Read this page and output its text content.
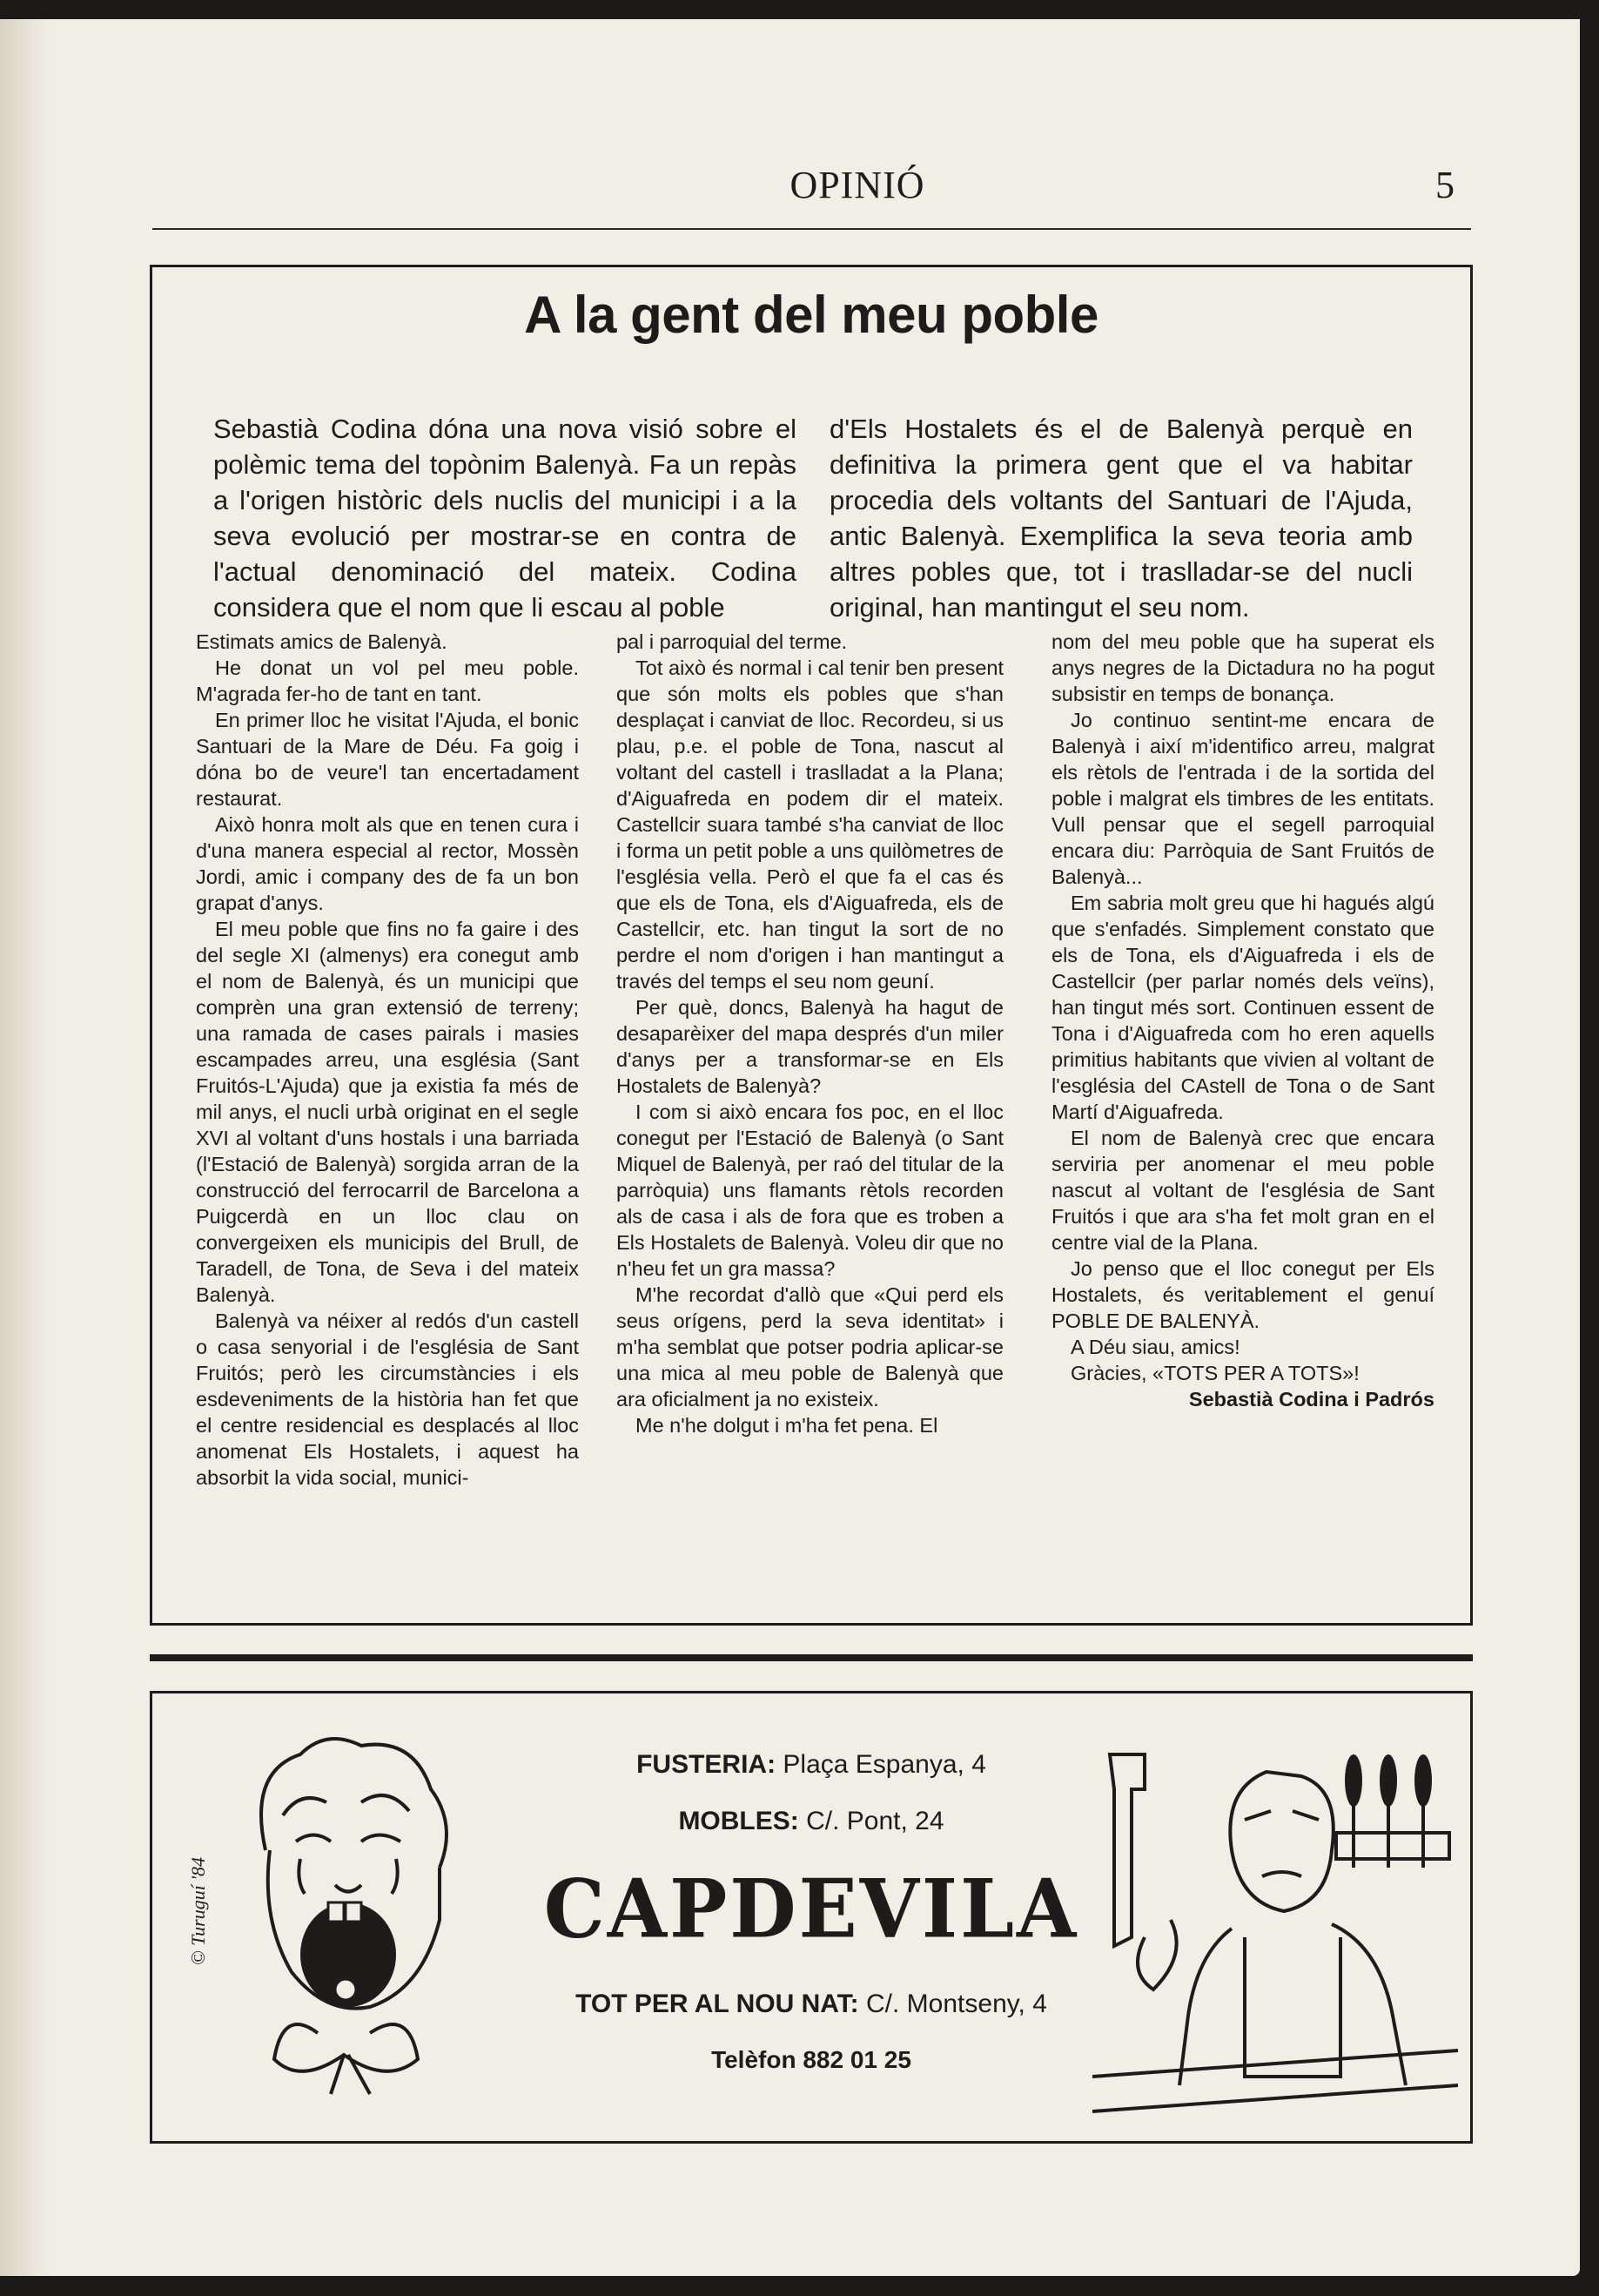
OPINIÓ	5
A la gent del meu poble
Sebastià Codina dóna una nova visió sobre el polèmic tema del topònim Balenyà. Fa un repàs a l'origen històric dels nuclis del municipi i a la seva evolució per mostrar-se en contra de l'actual denominació del mateix. Codina considera que el nom que li escau al poble
d'Els Hostalets és el de Balenyà perquè en definitiva la primera gent que el va habitar procedia dels voltants del Santuari de l'Ajuda, antic Balenyà. Exemplifica la seva teoria amb altres pobles que, tot i traslladar-se del nucli original, han mantingut el seu nom.

Estimats amics de Balenyà.

He donat un vol pel meu poble. M'agrada fer-ho de tant en tant.

En primer lloc he visitat l'Ajuda, el bonic Santuari de la Mare de Déu. Fa goig i dóna bo de veure'l tan encertadament restaurat.

Això honra molt als que en tenen cura i d'una manera especial al rector, Mossèn Jordi, amic i company des de fa un bon grapat d'anys.

El meu poble que fins no fa gaire i des del segle XI (almenys) era conegut amb el nom de Balenyà, és un municipi que comprèn una gran extensió de terreny; una ramada de cases pairals i masies escampades arreu, una església (Sant Fruitós-L'Ajuda) que ja existia fa més de mil anys, el nucli urbà originat en el segle XVI al voltant d'uns hostals i una barriada (l'Estació de Balenyà) sorgida arran de la construcció del ferrocarril de Barcelona a Puigcerdà en un lloc clau on convergeixen els municipis del Brull, de Taradell, de Tona, de Seva i del mateix Balenyà.

Balenyà va néixer al redós d'un castell o casa senyorial i de l'església de Sant Fruitós; però les circumstàncies i els esdeveniments de la història han fet que el centre residencial es desplacés al lloc anomenat Els Hostalets, i aquest ha absorbit la vida social, munici-

pal i parroquial del terme.

Tot això és normal i cal tenir ben present que són molts els pobles que s'han desplaçat i canviat de lloc. Recordeu, si us plau, p.e. el poble de Tona, nascut al voltant del castell i traslladat a la Plana; d'Aiguafreda en podem dir el mateix. Castellcir suara també s'ha canviat de lloc i forma un petit poble a uns quilòmetres de l'església vella. Però el que fa el cas és que els de Tona, els d'Aiguafreda, els de Castellcir, etc. han tingut la sort de no perdre el nom d'origen i han mantingut a través del temps el seu nom geuní.

Per què, doncs, Balenyà ha hagut de desaparèixer del mapa després d'un miler d'anys per a transformar-se en Els Hostalets de Balenyà?

I com si això encara fos poc, en el lloc conegut per l'Estació de Balenyà (o Sant Miquel de Balenyà, per raó del titular de la parròquia) uns flamants rètols recorden als de casa i als de fora que es troben a Els Hostalets de Balenyà. Voleu dir que no n'heu fet un gra massa?

M'he recordat d'allò que «Qui perd els seus orígens, perd la seva identitat» i m'ha semblat que potser podria aplicar-se una mica al meu poble de Balenyà que ara oficialment ja no existeix.

Me n'he dolgut i m'ha fet pena. El

nom del meu poble que ha superat els anys negres de la Dictadura no ha pogut subsistir en temps de bonança.

Jo continuo sentint-me encara de Balenyà i així m'identifico arreu, malgrat els rètols de l'entrada i de la sortida del poble i malgrat els timbres de les entitats. Vull pensar que el segell parroquial encara diu: Parròquia de Sant Fruitós de Balenyà...

Em sabria molt greu que hi hagués algú que s'enfadés. Simplement constato que els de Tona, els d'Aiguafreda i els de Castellcir (per parlar només dels veïns), han tingut més sort. Continuen essent de Tona i d'Aiguafreda com ho eren aquells primitius habitants que vivien al voltant de l'església del CAstell de Tona o de Sant Martí d'Aiguafreda.

El nom de Balenyà crec que encara serviria per anomenar el meu poble nascut al voltant de l'església de Sant Fruitós i que ara s'ha fet molt gran en el centre vial de la Plana.

Jo penso que el lloc conegut per Els Hostalets, és veritablement el genuí POBLE DE BALENYÀ.

A Déu siau, amics!

Gràcies, «TOTS PER A TOTS»!

Sebastià Codina i Padrós

© Turuguí '84
FUSTERIA: Plaça Espanya, 4
MOBLES: C/. Pont, 24
CAPDEVILA
TOT PER AL NOU NAT: C/. Montseny, 4
Telèfon 882 01 25
